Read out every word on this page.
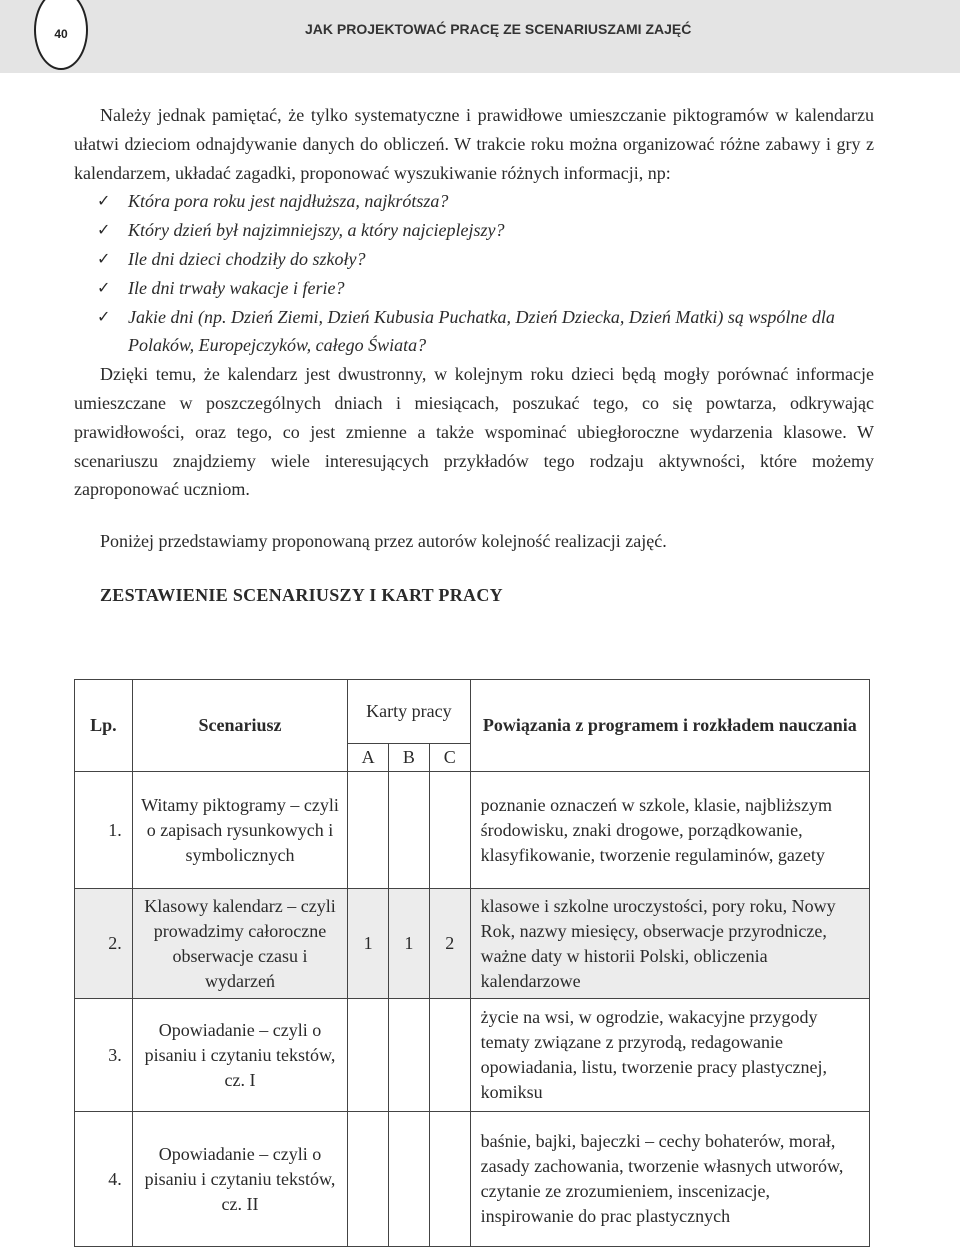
40	JAK PROJEKTOWAĆ PRACĘ ZE SCENARIUSZAMI ZAJĘĆ

Należy jednak pamiętać, że tylko systematyczne i prawidłowe umieszczanie piktogramów w kalendarzu ułatwi dzieciom odnajdywanie danych do obliczeń. W trakcie roku można organizować różne zabawy i gry z kalendarzem, układać zagadki, proponować wyszukiwanie różnych informacji, np:

✓ Która pora roku jest najdłuższa, najkrótsza?
✓ Który dzień był najzimniejszy, a który najcieplejszy?
✓ Ile dni dzieci chodziły do szkoły?
✓ Ile dni trwały wakacje i ferie?
✓ Jakie dni (np. Dzień Ziemi, Dzień Kubusia Puchatka, Dzień Dziecka, Dzień Matki) są wspólne dla Polaków, Europejczyków, całego Świata?

Dzięki temu, że kalendarz jest dwustronny, w kolejnym roku dzieci będą mogły porównać informacje umieszczane w poszczególnych dniach i miesiącach, poszukać tego, co się powtarza, odkrywając prawidłowości, oraz tego, co jest zmienne a także wspominać ubiegłoroczne wydarzenia klasowe. W scenariuszu znajdziemy wiele interesujących przykładów tego rodzaju aktywności, które możemy zaproponować uczniom.

Poniżej przedstawiamy proponowaną przez autorów kolejność realizacji zajęć.

ZESTAWIENIE SCENARIUSZY I KART PRACY
Lp.	Scenariusz	Karty pracy			Powiązania z programem i rozkładem nauczania
		A	B	C	
1.	Witamy piktogramy – czyli o zapisach rysunkowych i symbolicznych				poznanie oznaczeń w szkole, klasie, najbliższym środowisku, znaki drogowe, porządkowanie, klasyfikowanie, tworzenie regulaminów, gazety
2.	Klasowy kalendarz – czyli prowadzimy całoroczne obserwacje czasu i wydarzeń	1	1	2	klasowe i szkolne uroczystości, pory roku, Nowy Rok, nazwy miesięcy, obserwacje przyrodnicze, ważne daty w historii Polski, obliczenia kalendarzowe
3.	Opowiadanie – czyli o pisaniu i czytaniu tekstów, cz. I				życie na wsi, w ogrodzie, wakacyjne przygody tematy związane z przyrodą, redagowanie opowiadania, listu, tworzenie pracy plastycznej, komiksu
4.	Opowiadanie – czyli o pisaniu i czytaniu tekstów, cz. II				baśnie, bajki, bajeczki – cechy bohaterów, morał, zasady zachowania, tworzenie własnych utworów, czytanie ze zrozumieniem, inscenizacje, inspirowanie do prac plastycznych
